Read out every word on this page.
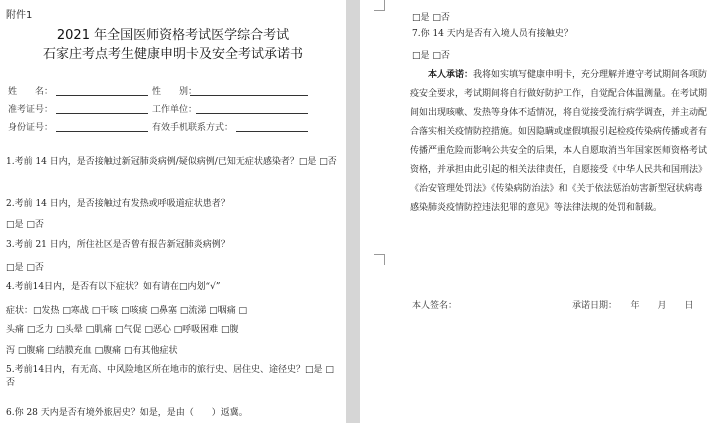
附件1
2021 年全国医师资格考试医学综合考试
石家庄考点考生健康申明卡及安全考试承诺书
姓　　名：	性　　别：
准考证号：	工作单位：
身份证号：	有效手机联系方式：
1.考前 14 日内，是否接触过新冠肺炎病例/疑似病例/已知无症状感染者？□是 □否
2.考前 14 日内，是否接触过有发热或呼吸道症状患者？
□是 □否
3.考前 21 日内，所住社区是否曾有报告新冠肺炎病例？
□是 □否
4.考前14日内，是否有以下症状？如有请在□内划“√”
症状：□发热 □寒战 □干咳 □咳痰 □鼻塞 □流涕 □咽痛 □
头痛 □乏力 □头晕 □肌痛 □气促 □恶心 □呼吸困难 □腹
泻 □腹痛 □结膜充血 □腹痛 □有其他症状
5.考前14日内，有无高、中风险地区所在地市的旅行史、居住史、途径史？□是 □否
6.你 28 天内是否有境外旅居史？如是，是由（　　）返冀。
□是 □否
7.你 14 天内是否有入境人员有接触史？
□是 □否
本人承诺：我将如实填写健康申明卡，充分理解并遵守考试期间各项防疫安全要求，考试期间将自行做好防护工作，自觉配合体温测量。在考试期间如出现咳嗽、发热等身体不适情况，将自觉接受流行病学调查，并主动配合落实相关疫情防控措施。如因隐瞒或虚假填报引起检疫传染病传播或者有传播严重危险而影响公共安全的后果，本人自愿取消当年国家医师资格考试资格，并承担由此引起的相关法律责任，自愿接受《中华人民共和国刑法》《治安管理处罚法》《传染病防治法》和《关于依法惩治妨害新型冠状病毒感染肺炎疫情防控违法犯罪的意见》等法律法规的处罚和制裁。
本人签名：	承诺日期：　　年　　月　　日
